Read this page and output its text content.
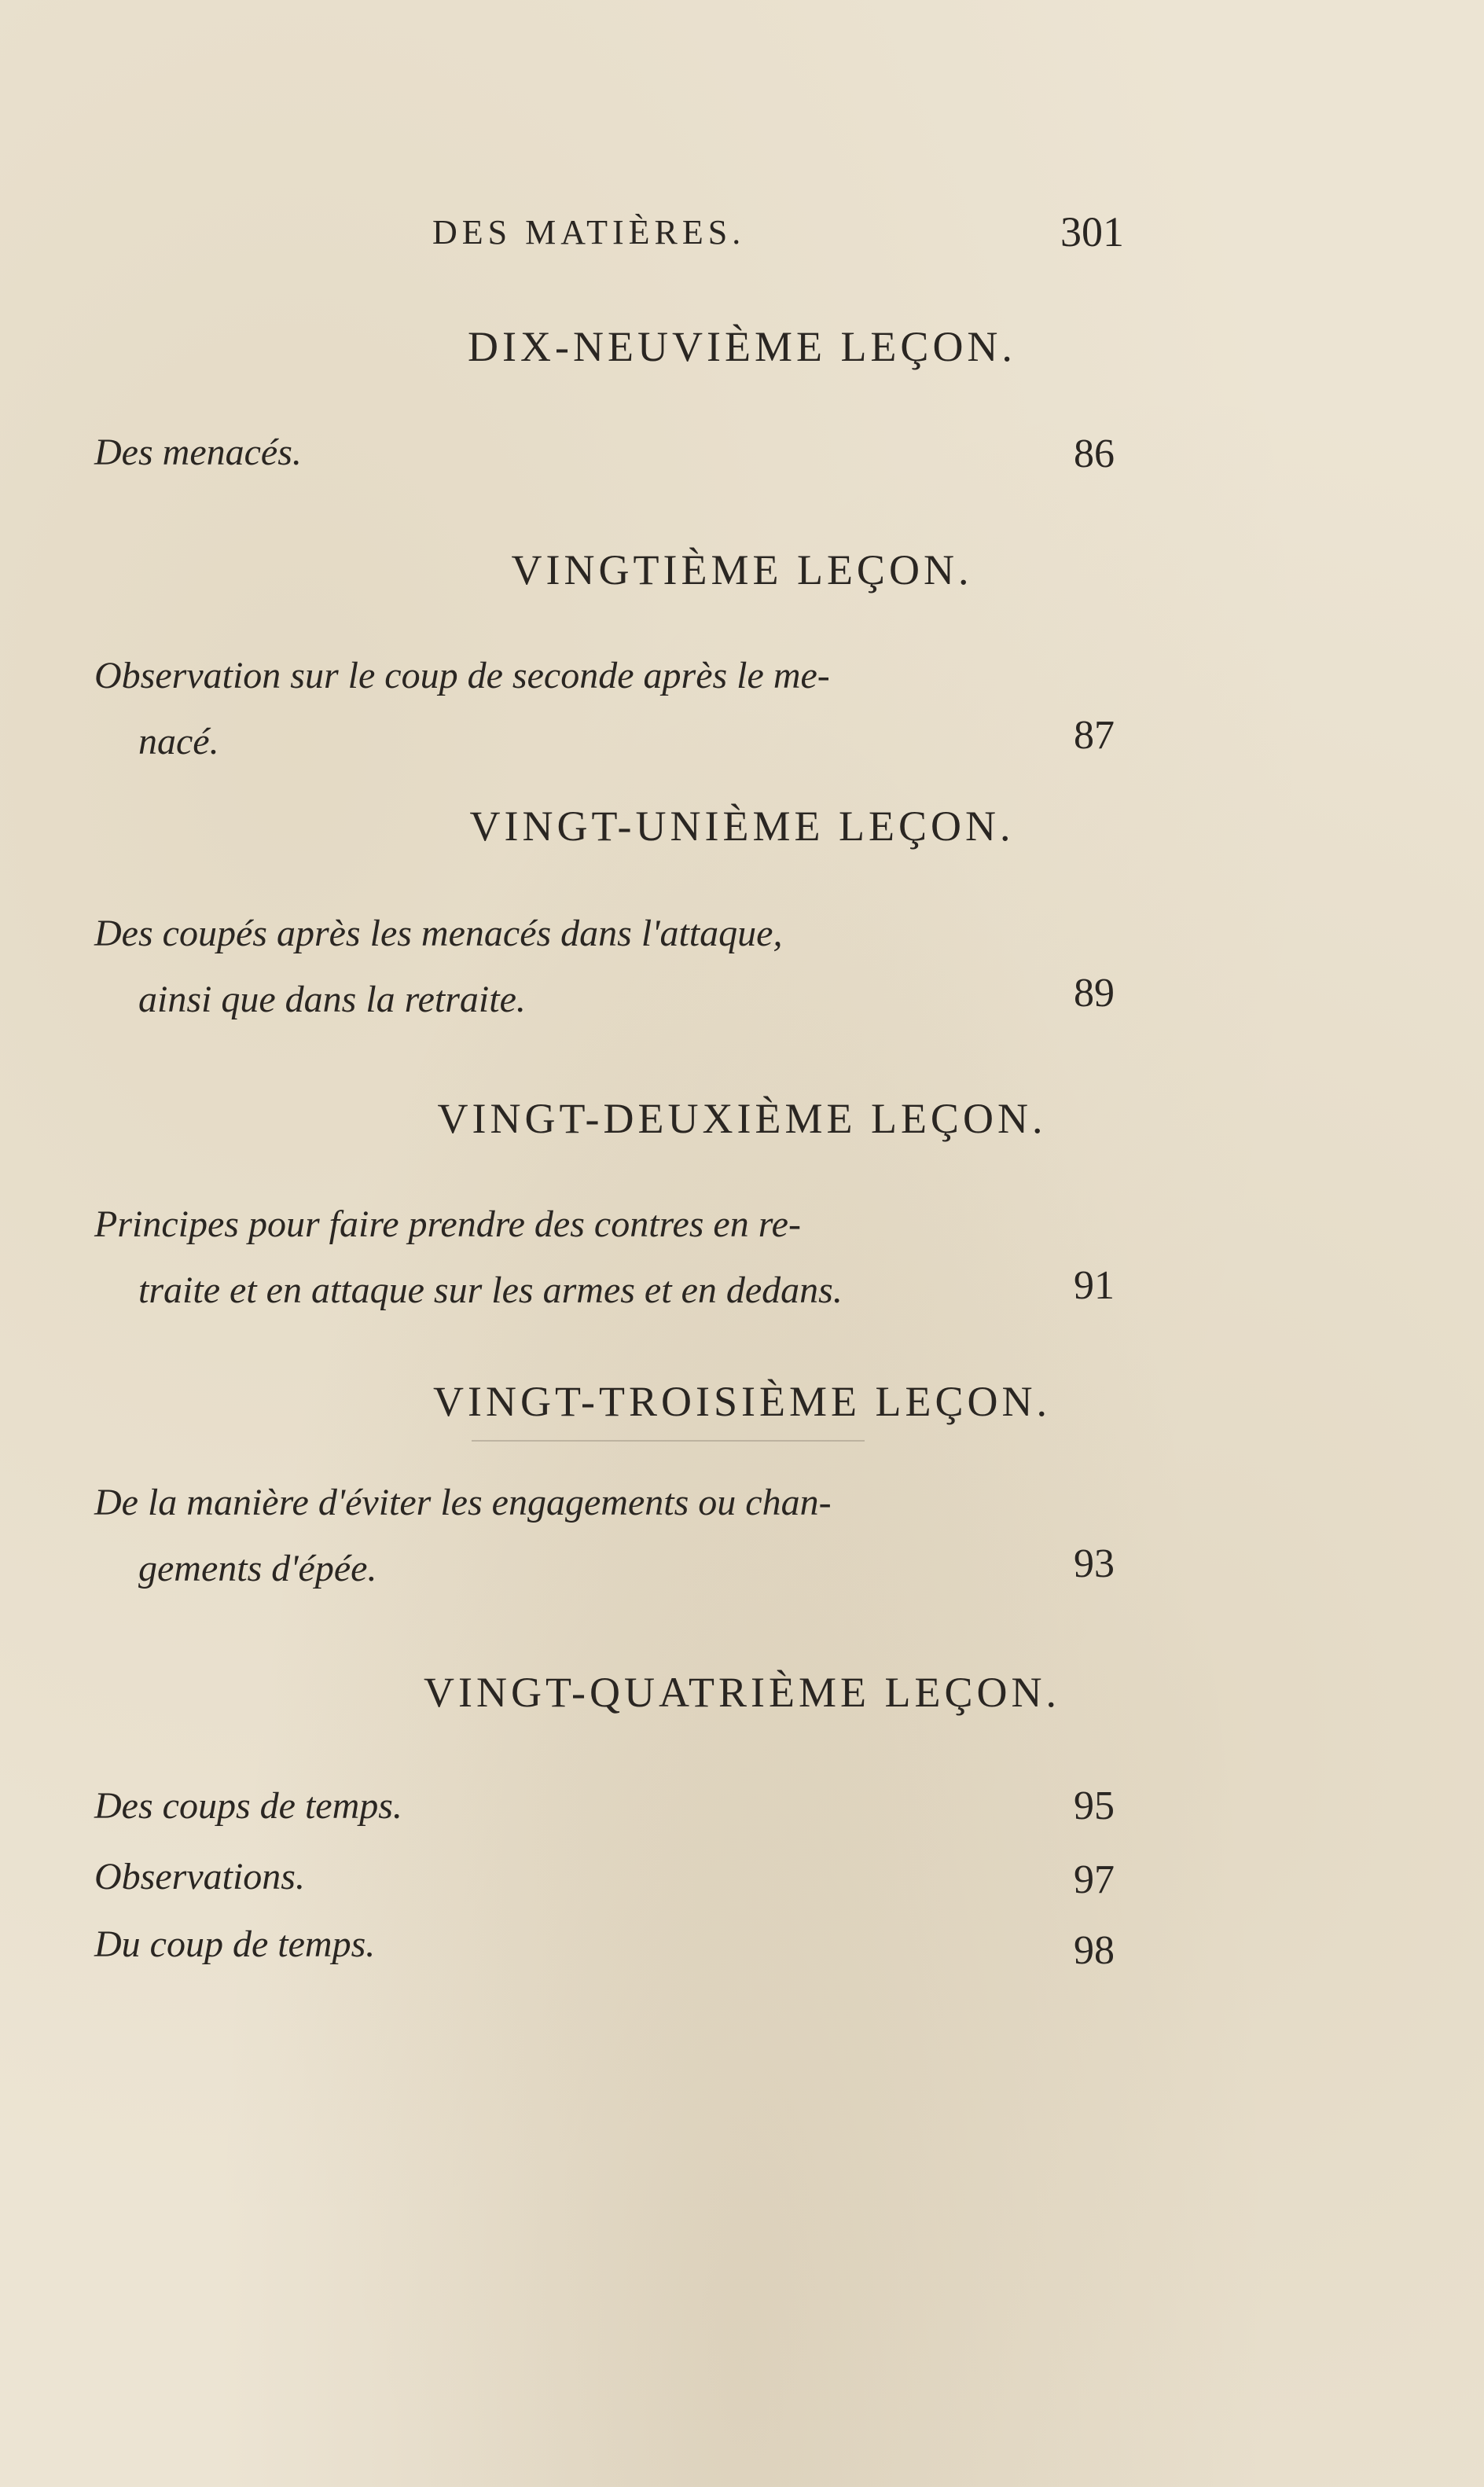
DES MATIÈRES.	301
DIX-NEUVIÈME LEÇON.
Des menacés.	86
VINGTIÈME LEÇON.
Observation sur le coup de seconde après le me-
nacé.	87
VINGT-UNIÈME LEÇON.
Des coupés après les menacés dans l'attaque,
ainsi que dans la retraite.	89
VINGT-DEUXIÈME LEÇON.
Principes pour faire prendre des contres en re-
traite et en attaque sur les armes et en dedans.	91
VINGT-TROISIÈME LEÇON.
De la manière d'éviter les engagements ou chan-
gements d'épée.	93
VINGT-QUATRIÈME LEÇON.
Des coups de temps.	95
Observations.	97
Du coup de temps.	98
